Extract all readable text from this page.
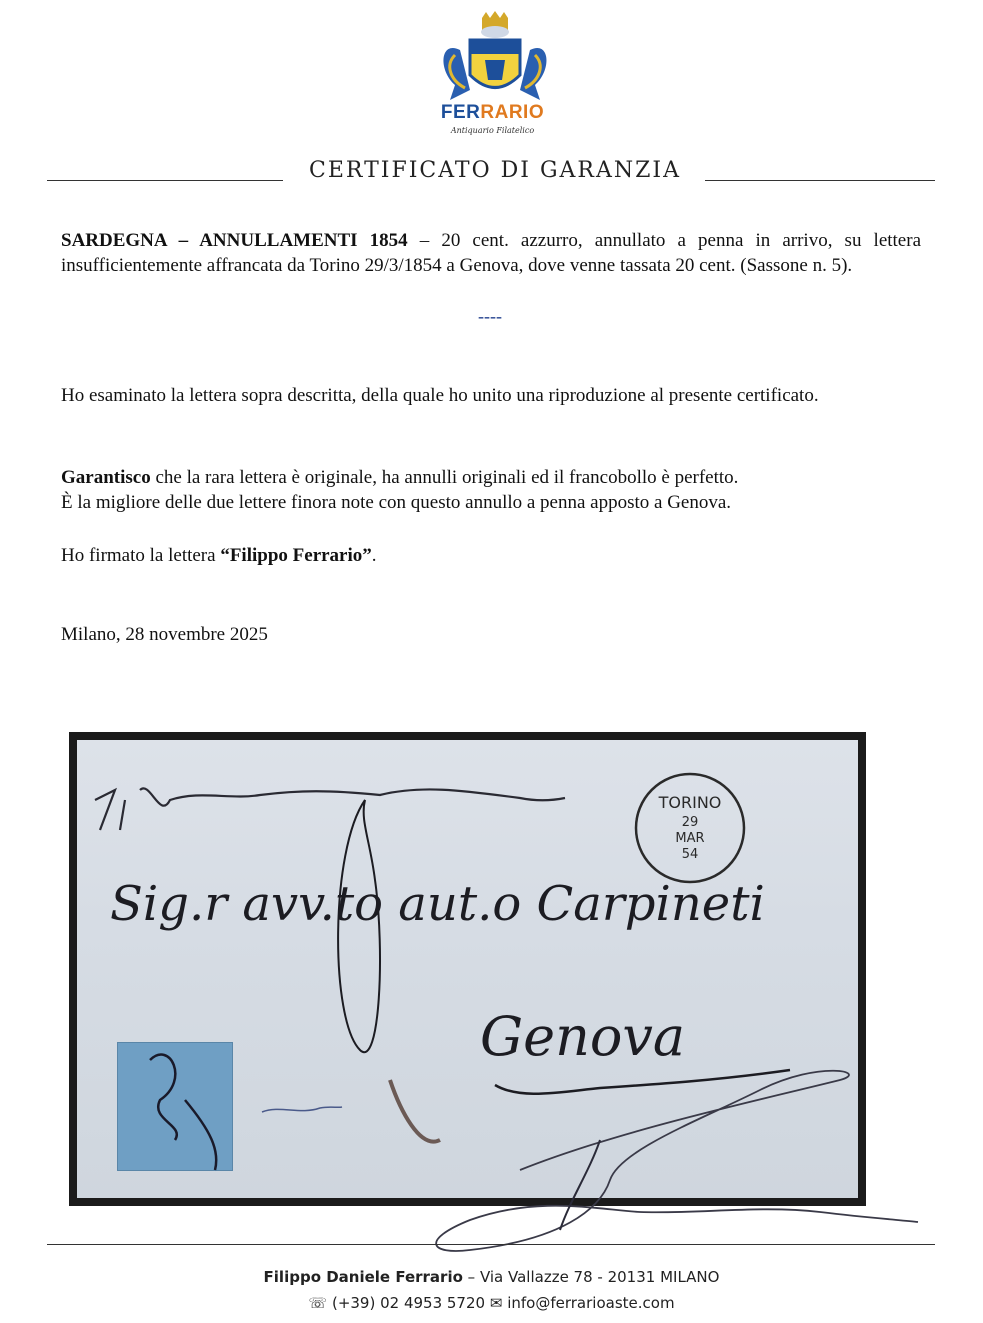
FERRARIO
Antiquario Filatelico
CERTIFICATO DI GARANZIA
SARDEGNA – ANNULLAMENTI 1854 – 20 cent. azzurro, annullato a penna in arrivo, su lettera insufficientemente affrancata da Torino 29/3/1854 a Genova, dove venne tassata 20 cent. (Sassone n. 5).
----
Ho esaminato la lettera sopra descritta, della quale ho unito una riproduzione al presente certificato.
Garantisco che la rara lettera è originale, ha annulli originali ed il francobollo è perfetto.
È la migliore delle due lettere finora note con questo annullo a penna apposto a Genova.
Ho firmato la lettera “Filippo Ferrario”.
Milano, 28 novembre 2025
TORINO
29
MAR
54
Sig.r avv.to aut.o Carpineti
Genova
Filippo Daniele Ferrario – Via Vallazze 78 - 20131 MILANO
☏ (+39) 02 4953 5720 ✉ info@ferrarioaste.com
